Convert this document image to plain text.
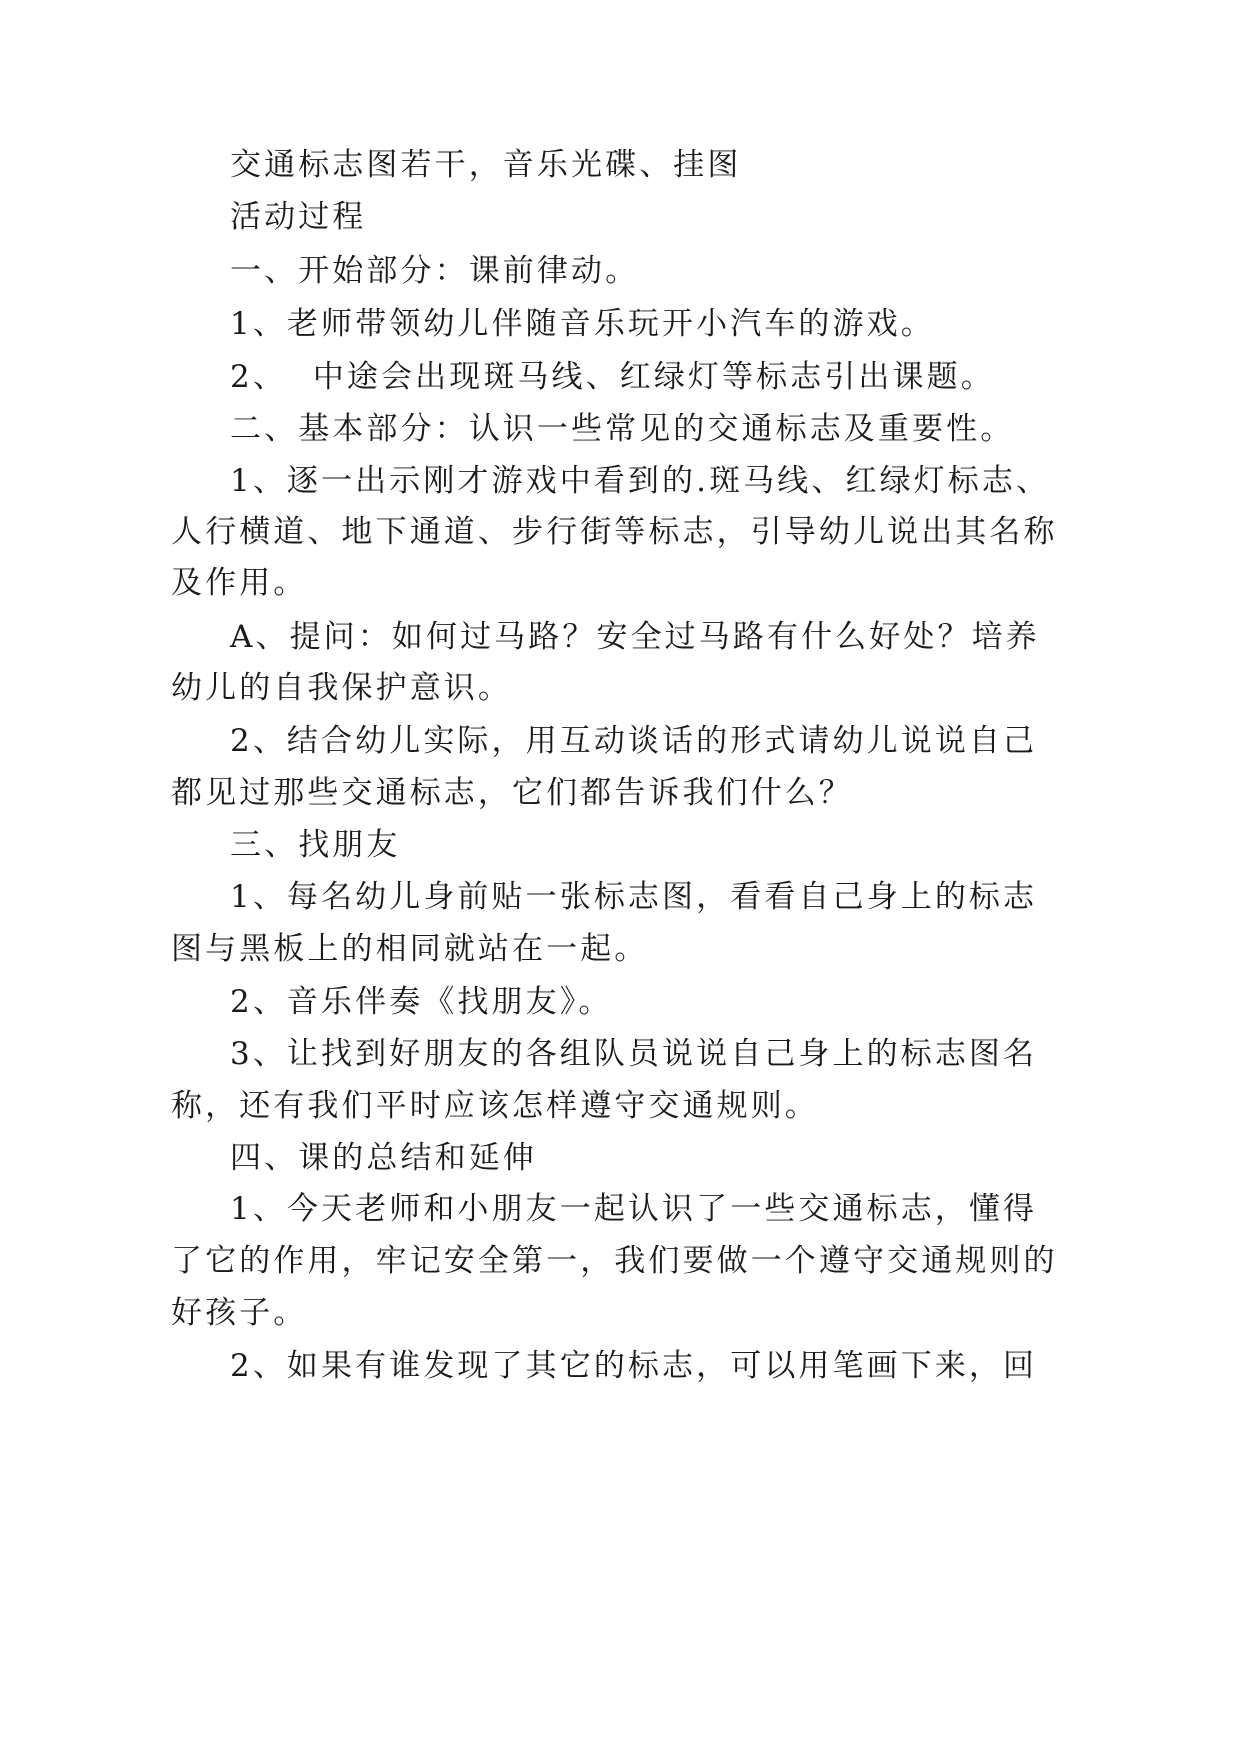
交通标志图若干，音乐光碟、挂图
活动过程
一、开始部分：课前律动。
1、老师带领幼儿伴随音乐玩开小汽车的游戏。
2、  中途会出现斑马线、红绿灯等标志引出课题。
二、基本部分：认识一些常见的交通标志及重要性。
1、逐一出示刚才游戏中看到的.斑马线、红绿灯标志、
人行横道、地下通道、步行街等标志，引导幼儿说出其名称
及作用。
A、提问：如何过马路？安全过马路有什么好处？培养
幼儿的自我保护意识。
2、结合幼儿实际，用互动谈话的形式请幼儿说说自己
都见过那些交通标志，它们都告诉我们什么？
三、找朋友
1、每名幼儿身前贴一张标志图，看看自己身上的标志
图与黑板上的相同就站在一起。
2、音乐伴奏《找朋友》。
3、让找到好朋友的各组队员说说自己身上的标志图名
称，还有我们平时应该怎样遵守交通规则。
四、课的总结和延伸
1、今天老师和小朋友一起认识了一些交通标志，懂得
了它的作用，牢记安全第一，我们要做一个遵守交通规则的
好孩子。
2、如果有谁发现了其它的标志，可以用笔画下来，回
